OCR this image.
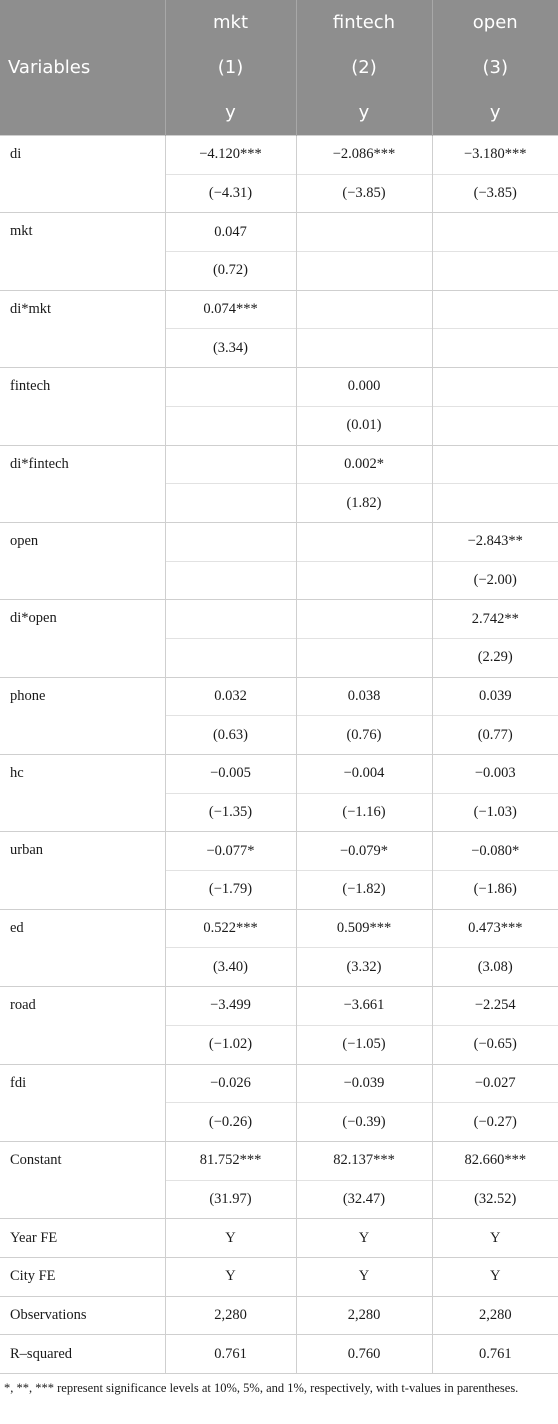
Variables	mkt	fintech	open
	(1)	(2)	(3)
	y	y	y
di	−4.120***	−2.086***	−3.180***
	(−4.31)	(−3.85)	(−3.85)
mkt	0.047		
	(0.72)		
di*mkt	0.074***		
	(3.34)		
fintech		0.000	
		(0.01)	
di*fintech		0.002*	
		(1.82)	
open			−2.843**
			(−2.00)
di*open			2.742**
			(2.29)
phone	0.032	0.038	0.039
	(0.63)	(0.76)	(0.77)
hc	−0.005	−0.004	−0.003
	(−1.35)	(−1.16)	(−1.03)
urban	−0.077*	−0.079*	−0.080*
	(−1.79)	(−1.82)	(−1.86)
ed	0.522***	0.509***	0.473***
	(3.40)	(3.32)	(3.08)
road	−3.499	−3.661	−2.254
	(−1.02)	(−1.05)	(−0.65)
fdi	−0.026	−0.039	−0.027
	(−0.26)	(−0.39)	(−0.27)
Constant	81.752***	82.137***	82.660***
	(31.97)	(32.47)	(32.52)
Year FE	Y	Y	Y
City FE	Y	Y	Y
Observations	2,280	2,280	2,280
R–squared	0.761	0.760	0.761
*, **, *** represent significance levels at 10%, 5%, and 1%, respectively, with t-values in parentheses.
